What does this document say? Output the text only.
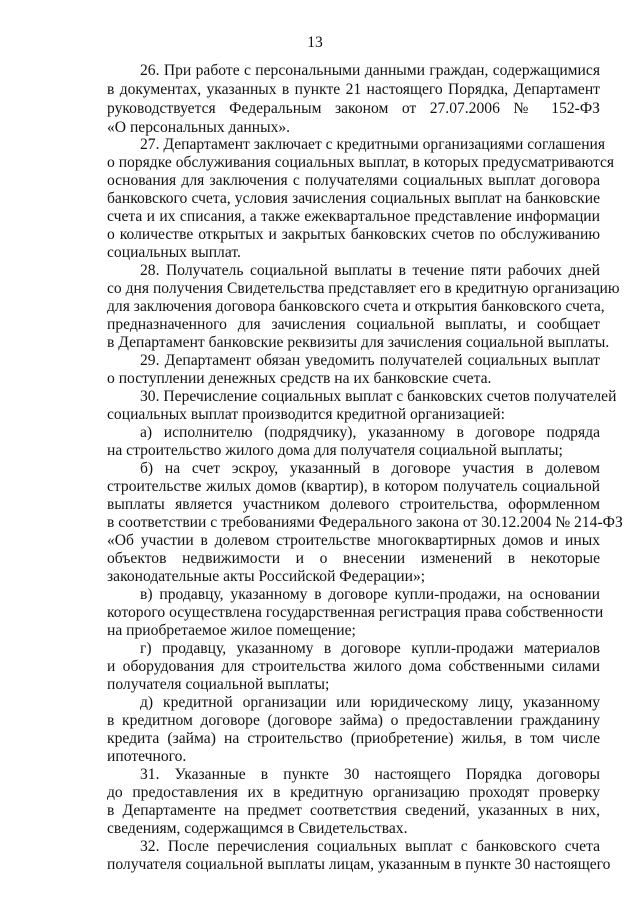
13
26. При работе с персональными данными граждан, содержащимися
в документах, указанных в пункте 21 настоящего Порядка, Департамент
руководствуется Федеральным законом от 27.07.2006 № 152-ФЗ
«О персональных данных».
27. Департамент заключает с кредитными организациями соглашения
о порядке обслуживания социальных выплат, в которых предусматриваются
основания для заключения с получателями социальных выплат договора
банковского счета, условия зачисления социальных выплат на банковские
счета и их списания, а также ежеквартальное представление информации
о количестве открытых и закрытых банковских счетов по обслуживанию
социальных выплат.
28. Получатель социальной выплаты в течение пяти рабочих дней
со дня получения Свидетельства представляет его в кредитную организацию
для заключения договора банковского счета и открытия банковского счета,
предназначенного для зачисления социальной выплаты, и сообщает
в Департамент банковские реквизиты для зачисления социальной выплаты.
29. Департамент обязан уведомить получателей социальных выплат
о поступлении денежных средств на их банковские счета.
30. Перечисление социальных выплат с банковских счетов получателей
социальных выплат производится кредитной организацией:
а) исполнителю (подрядчику), указанному в договоре подряда
на строительство жилого дома для получателя социальной выплаты;
б) на счет эскроу, указанный в договоре участия в долевом
строительстве жилых домов (квартир), в котором получатель социальной
выплаты является участником долевого строительства, оформленном
в соответствии с требованиями Федерального закона от 30.12.2004 № 214-ФЗ
«Об участии в долевом строительстве многоквартирных домов и иных
объектов недвижимости и о внесении изменений в некоторые
законодательные акты Российской Федерации»;
в) продавцу, указанному в договоре купли-продажи, на основании
которого осуществлена государственная регистрация права собственности
на приобретаемое жилое помещение;
г) продавцу, указанному в договоре купли-продажи материалов
и оборудования для строительства жилого дома собственными силами
получателя социальной выплаты;
д) кредитной организации или юридическому лицу, указанному
в кредитном договоре (договоре займа) о предоставлении гражданину
кредита (займа) на строительство (приобретение) жилья, в том числе
ипотечного.
31. Указанные в пункте 30 настоящего Порядка договоры
до предоставления их в кредитную организацию проходят проверку
в Департаменте на предмет соответствия сведений, указанных в них,
сведениям, содержащимся в Свидетельствах.
32. После перечисления социальных выплат с банковского счета
получателя социальной выплаты лицам, указанным в пункте 30 настоящего
